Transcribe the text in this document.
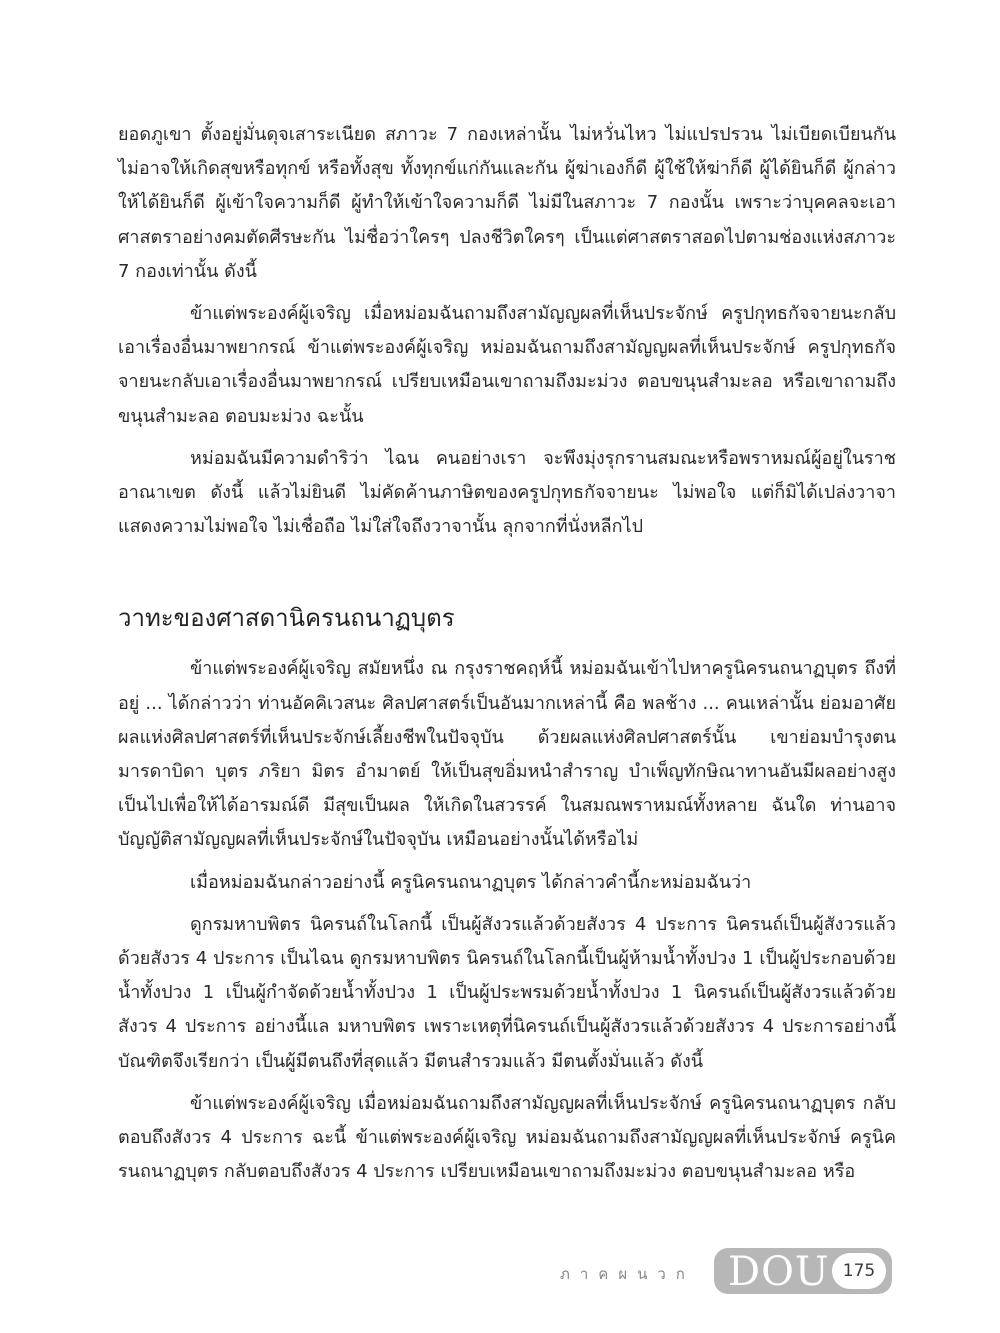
ยอดภูเขา ตั้งอยู่มั่นดุจเสาระเนียด สภาวะ 7 กองเหล่านั้น ไม่หวั่นไหว ไม่แปรปรวน ไม่เบียดเบียนกัน ไม่อาจให้เกิดสุขหรือทุกข์ หรือทั้งสุข ทั้งทุกข์แก่กันและกัน ผู้ฆ่าเองก็ดี ผู้ใช้ให้ฆ่าก็ดี ผู้ได้ยินก็ดี ผู้กล่าวให้ได้ยินก็ดี ผู้เข้าใจความก็ดี ผู้ทำให้เข้าใจความก็ดี ไม่มีในสภาวะ 7 กองนั้น เพราะว่าบุคคลจะเอาศาสตราอย่างคมตัดศีรษะกัน ไม่ชื่อว่าใครๆ ปลงชีวิตใครๆ เป็นแต่ศาสตราสอดไปตามช่องแห่งสภาวะ 7 กองเท่านั้น ดังนี้

ข้าแต่พระองค์ผู้เจริญ เมื่อหม่อมฉันถามถึงสามัญญผลที่เห็นประจักษ์ ครูปกุทธกัจจายนะกลับเอาเรื่องอื่นมาพยากรณ์ ข้าแต่พระองค์ผู้เจริญ หม่อมฉันถามถึงสามัญญผลที่เห็นประจักษ์ ครูปกุทธกัจจายนะกลับเอาเรื่องอื่นมาพยากรณ์ เปรียบเหมือนเขาถามถึงมะม่วง ตอบขนุนสำมะลอ หรือเขาถามถึงขนุนสำมะลอ ตอบมะม่วง ฉะนั้น

หม่อมฉันมีความดำริว่า ไฉน คนอย่างเรา จะพึงมุ่งรุกรานสมณะหรือพราหมณ์ผู้อยู่ในราชอาณาเขต ดังนี้ แล้วไม่ยินดี ไม่คัดค้านภาษิตของครูปกุทธกัจจายนะ ไม่พอใจ แต่ก็มิได้เปล่งวาจา แสดงความไม่พอใจ ไม่เชื่อถือ ไม่ใส่ใจถึงวาจานั้น ลุกจากที่นั่งหลีกไป

วาทะของศาสดานิครนถนาฏบุตร

ข้าแต่พระองค์ผู้เจริญ สมัยหนึ่ง ณ กรุงราชคฤห์นี้ หม่อมฉันเข้าไปหาครูนิครนถนาฏบุตร ถึงที่อยู่ ... ได้กล่าวว่า ท่านอัคคิเวสนะ ศิลปศาสตร์เป็นอันมากเหล่านี้ คือ พลช้าง ... คนเหล่านั้น ย่อมอาศัยผลแห่งศิลปศาสตร์ที่เห็นประจักษ์เลี้ยงชีพในปัจจุบัน ด้วยผลแห่งศิลปศาสตร์นั้น เขาย่อมบำรุงตน มารดาบิดา บุตร ภริยา มิตร อำมาตย์ ให้เป็นสุขอิ่มหนำสำราญ บำเพ็ญทักษิณาทานอันมีผลอย่างสูง เป็นไปเพื่อให้ได้อารมณ์ดี มีสุขเป็นผล ให้เกิดในสวรรค์ ในสมณพราหมณ์ทั้งหลาย ฉันใด ท่านอาจบัญญัติสามัญญผลที่เห็นประจักษ์ในปัจจุบัน เหมือนอย่างนั้นได้หรือไม่

เมื่อหม่อมฉันกล่าวอย่างนี้ ครูนิครนถนาฏบุตร ได้กล่าวคำนี้กะหม่อมฉันว่า

ดูกรมหาบพิตร นิครนถ์ในโลกนี้ เป็นผู้สังวรแล้วด้วยสังวร 4 ประการ นิครนถ์เป็นผู้สังวรแล้วด้วยสังวร 4 ประการ เป็นไฉน ดูกรมหาบพิตร นิครนถ์ในโลกนี้เป็นผู้ห้ามน้ำทั้งปวง 1 เป็นผู้ประกอบด้วยน้ำทั้งปวง 1 เป็นผู้กำจัดด้วยน้ำทั้งปวง 1 เป็นผู้ประพรมด้วยน้ำทั้งปวง 1 นิครนถ์เป็นผู้สังวรแล้วด้วยสังวร 4 ประการ อย่างนี้แล มหาบพิตร เพราะเหตุที่นิครนถ์เป็นผู้สังวรแล้วด้วยสังวร 4 ประการอย่างนี้ บัณฑิตจึงเรียกว่า เป็นผู้มีตนถึงที่สุดแล้ว มีตนสำรวมแล้ว มีตนตั้งมั่นแล้ว ดังนี้

ข้าแต่พระองค์ผู้เจริญ เมื่อหม่อมฉันถามถึงสามัญญผลที่เห็นประจักษ์ ครูนิครนถนาฏบุตร กลับตอบถึงสังวร 4 ประการ ฉะนี้ ข้าแต่พระองค์ผู้เจริญ หม่อมฉันถามถึงสามัญญผลที่เห็นประจักษ์ ครูนิครนถนาฏบุตร กลับตอบถึงสังวร 4 ประการ เปรียบเหมือนเขาถามถึงมะม่วง ตอบขนุนสำมะลอ หรือ

ภาคผนวก DOU 175
